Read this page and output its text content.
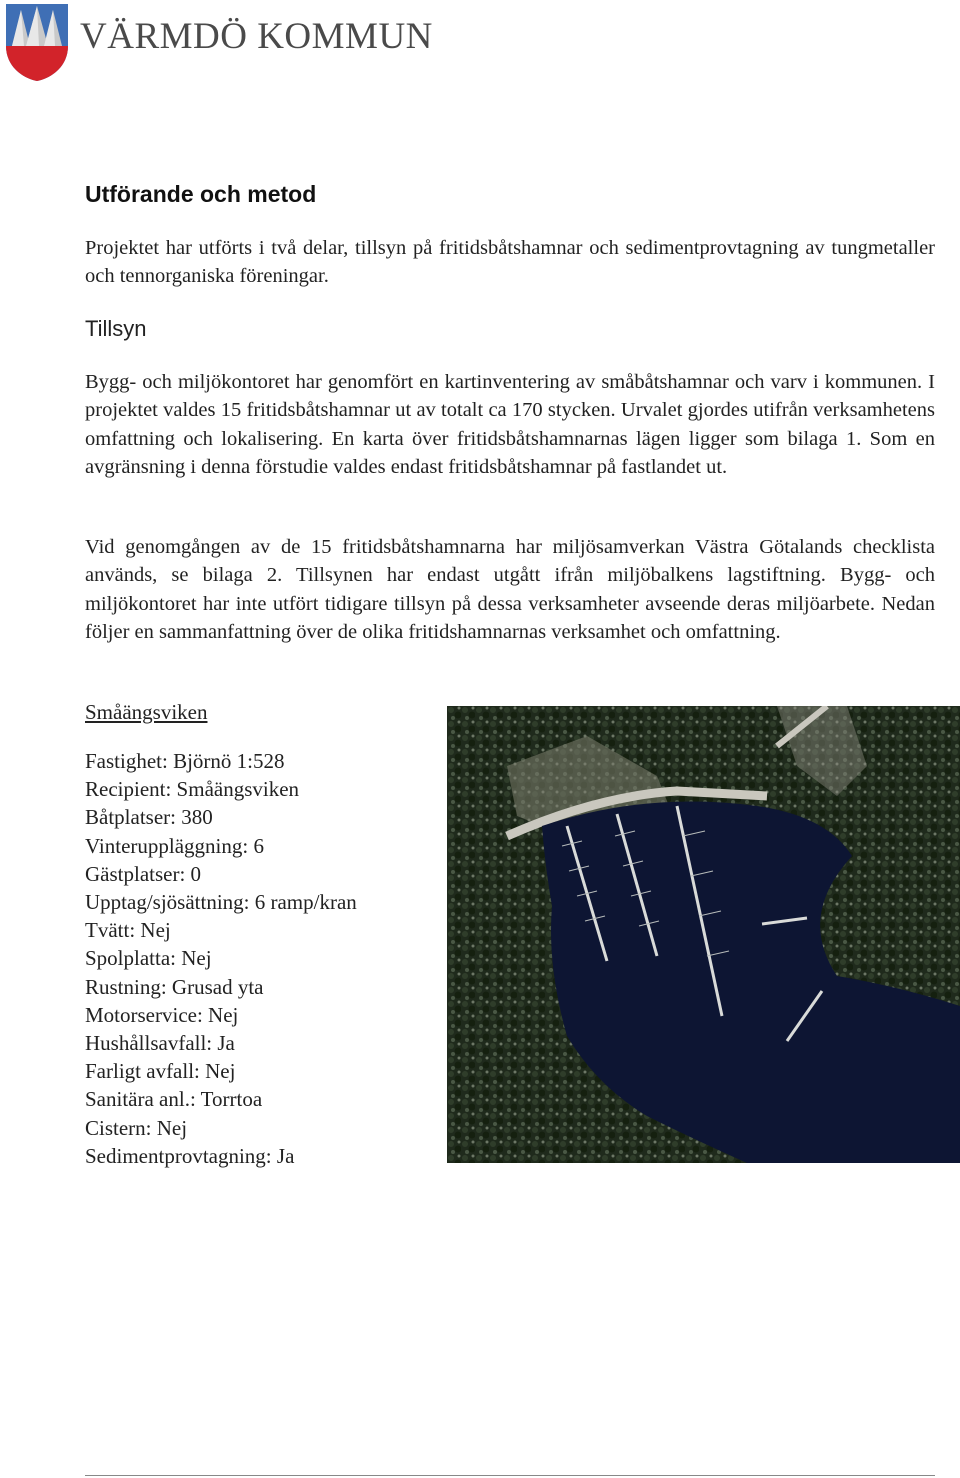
VÄRMDÖ KOMMUN
Utförande och metod

Projektet har utförts i två delar, tillsyn på fritidsbåtshamnar och sedimentprovtagning av tungmetaller och tennorganiska föreningar.

Tillsyn

Bygg- och miljökontoret har genomfört en kartinventering av småbåtshamnar och varv i kommunen. I projektet valdes 15 fritidsbåtshamnar ut av totalt ca 170 stycken. Urvalet gjordes utifrån verksamhetens omfattning och lokalisering. En karta över fritidsbåtshamnarnas lägen ligger som bilaga 1. Som en avgränsning i denna förstudie valdes endast fritidsbåtshamnar på fastlandet ut.

Vid genomgången av de 15 fritidsbåtshamnarna har miljösamverkan Västra Götalands checklista används, se bilaga 2. Tillsynen har endast utgått ifrån miljöbalkens lagstiftning. Bygg- och miljökontoret har inte utfört tidigare tillsyn på dessa verksamheter avseende deras miljöarbete. Nedan följer en sammanfattning över de olika fritidshamnarnas verksamhet och omfattning.

Småängsviken
Fastighet: Björnö 1:528
Recipient: Småängsviken
Båtplatser: 380
Vinteruppläggning: 6
Gästplatser: 0
Upptag/sjösättning: 6 ramp/kran
Tvätt: Nej
Spolplatta: Nej
Rustning: Grusad yta
Motorservice: Nej
Hushållsavfall: Ja
Farligt avfall: Nej
Sanitära anl.: Torrtoa
Cistern: Nej
Sedimentprovtagning: Ja
